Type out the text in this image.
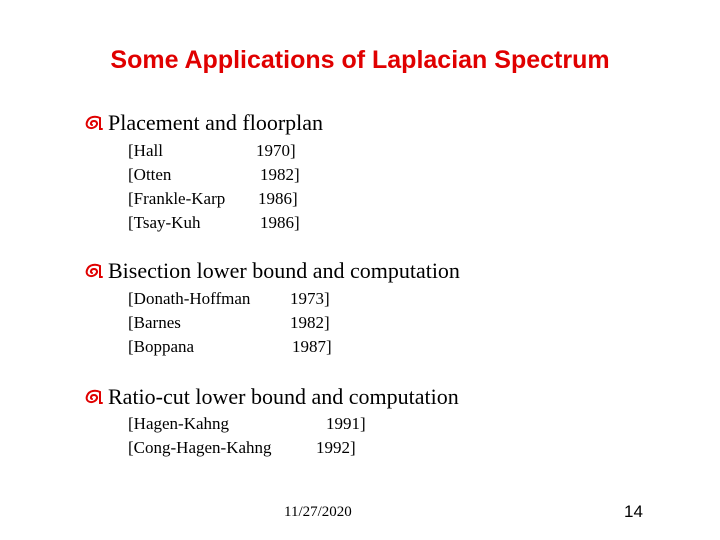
Some Applications of Laplacian Spectrum
Placement and floorplan
[Hall	1970]
[Otten	1982]
[Frankle-Karp 1986]
[Tsay-Kuh	1986]
Bisection lower bound and computation
[Donath-Hoffman 1973]
[Barnes	1982]
[Boppana	1987]
Ratio-cut lower bound and computation
[Hagen-Kahng	1991]
[Cong-Hagen-Kahng	1992]
11/27/2020	14
